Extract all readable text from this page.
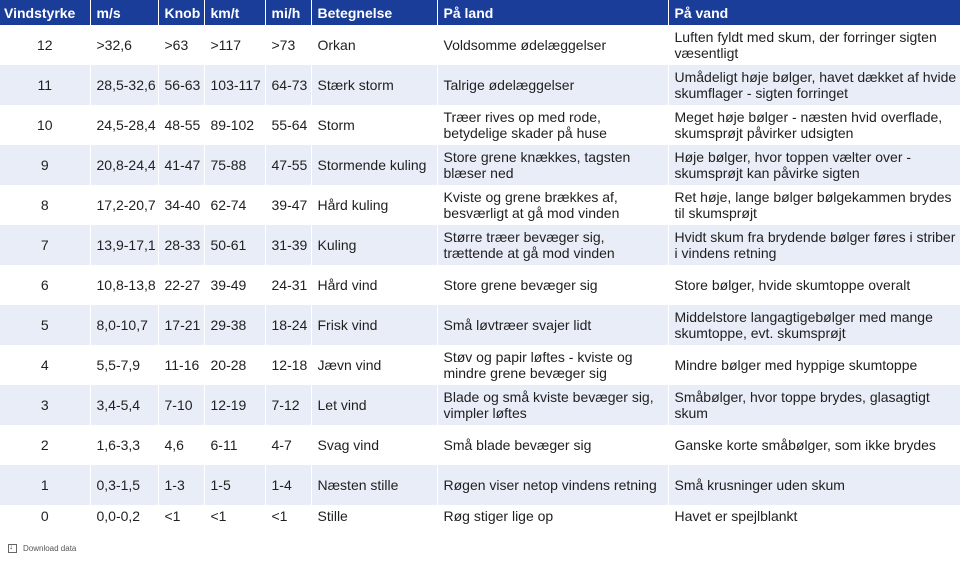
Vindstyrke	m/s	Knob	km/t	mi/h	Betegnelse	På land	På vand
12	>32,6	>63	>117	>73	Orkan	Voldsomme ødelæggelser	Luften fyldt med skum, der forringer sigten væsentligt
11	28,5-32,6	56-63	103-117	64-73	Stærk storm	Talrige ødelæggelser	Umådeligt høje bølger, havet dækket af hvide skumflager - sigten forringet
10	24,5-28,4	48-55	89-102	55-64	Storm	Træer rives op med rode, betydelige skader på huse	Meget høje bølger - næsten hvid overflade, skumsprøjt påvirker udsigten
9	20,8-24,4	41-47	75-88	47-55	Stormende kuling	Store grene knækkes, tagsten blæser ned	Høje bølger, hvor toppen vælter over - skumsprøjt kan påvirke sigten
8	17,2-20,7	34-40	62-74	39-47	Hård kuling	Kviste og grene brækkes af, besværligt at gå mod vinden	Ret høje, lange bølger bølgekammen brydes til skumsprøjt
7	13,9-17,1	28-33	50-61	31-39	Kuling	Større træer bevæger sig, trættende at gå mod vinden	Hvidt skum fra brydende bølger føres i striber i vindens retning
6	10,8-13,8	22-27	39-49	24-31	Hård vind	Store grene bevæger sig	Store bølger, hvide skumtoppe overalt
5	8,0-10,7	17-21	29-38	18-24	Frisk vind	Små løvtræer svajer lidt	Middelstore langagtigebølger med mange skumtoppe, evt. skumsprøjt
4	5,5-7,9	11-16	20-28	12-18	Jævn vind	Støv og papir løftes - kviste og mindre grene bevæger sig	Mindre bølger med hyppige skumtoppe
3	3,4-5,4	7-10	12-19	7-12	Let vind	Blade og små kviste bevæger sig, vimpler løftes	Småbølger, hvor toppe brydes, glasagtigt skum
2	1,6-3,3	4,6	6-11	4-7	Svag vind	Små blade bevæger sig	Ganske korte småbølger, som ikke brydes
1	0,3-1,5	1-3	1-5	1-4	Næsten stille	Røgen viser netop vindens retning	Små krusninger uden skum
0	0,0-0,2	<1	<1	<1	Stille	Røg stiger lige op	Havet er spejlblankt
↓
Download data
